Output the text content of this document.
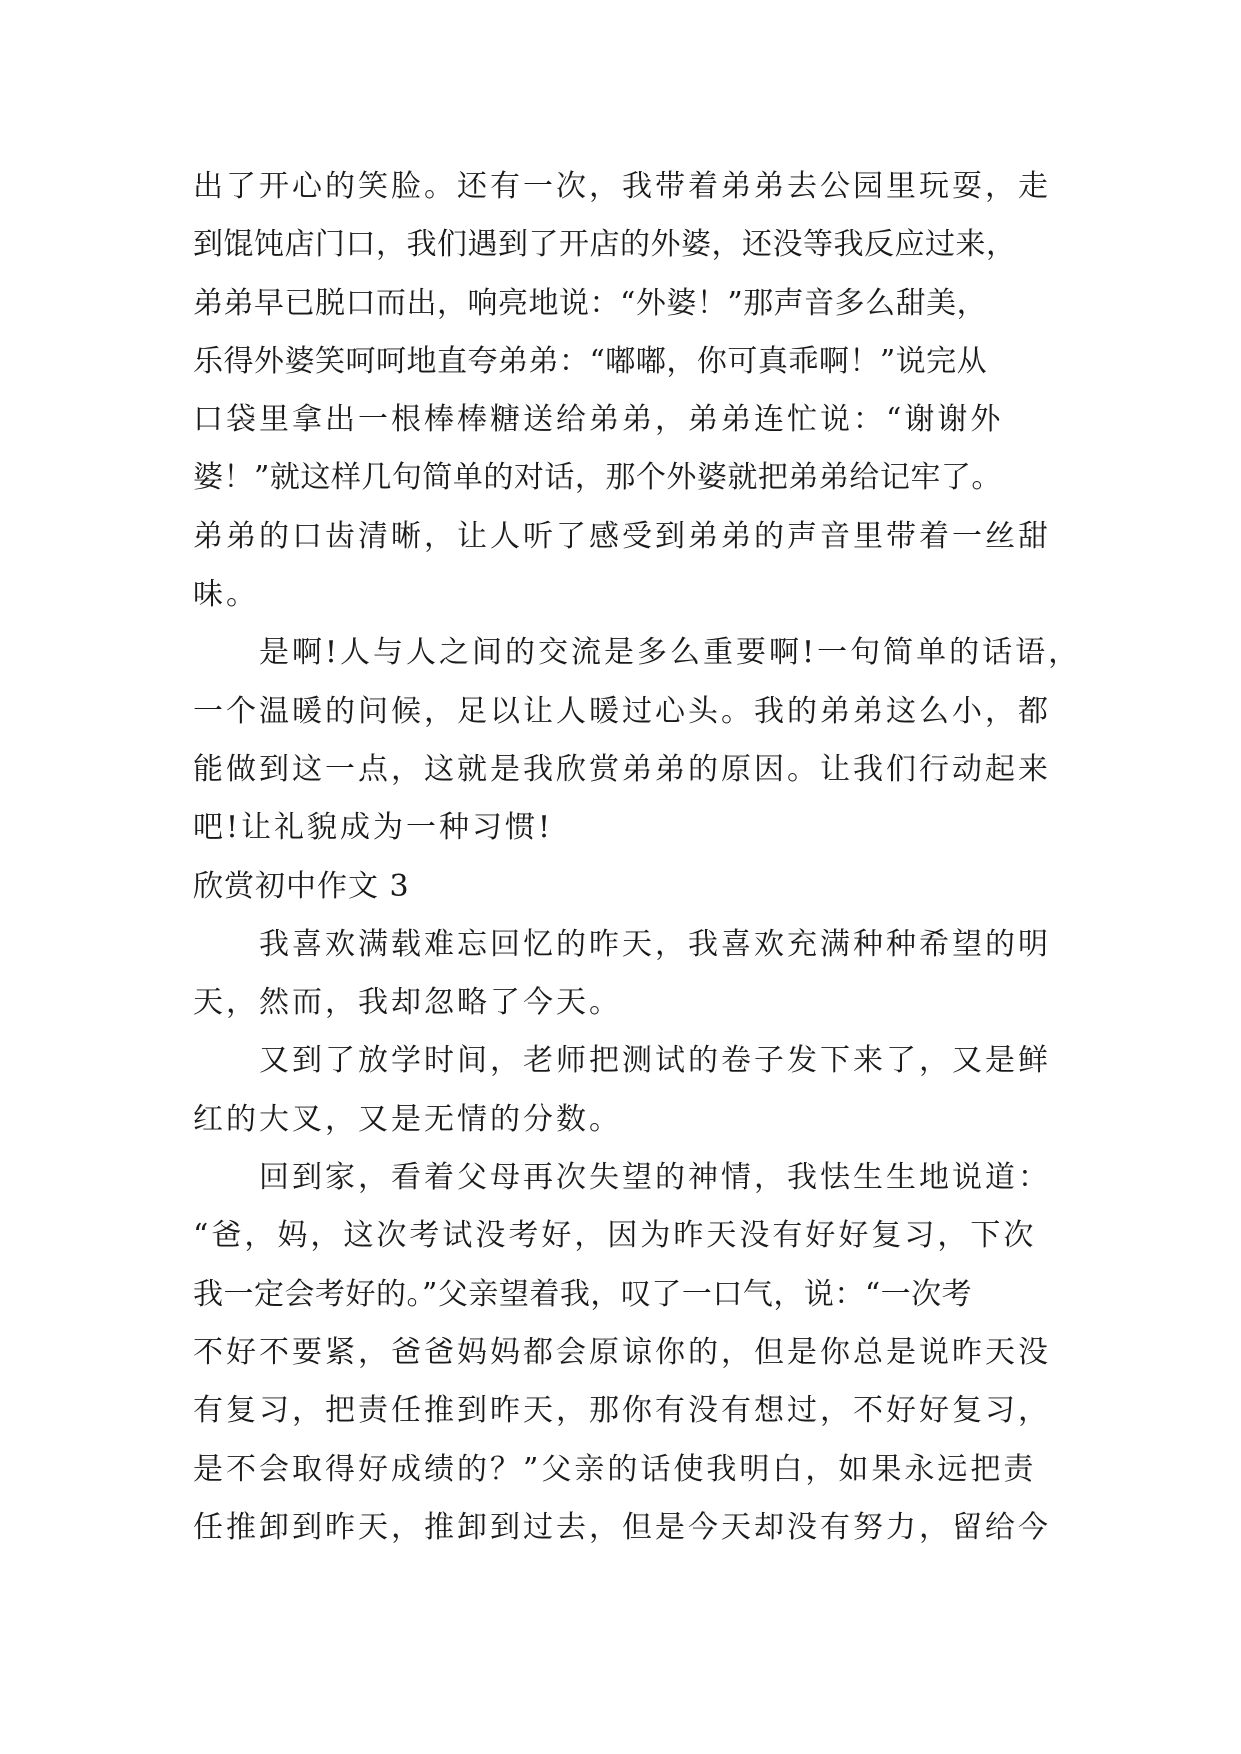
出了开心的笑脸。还有一次，我带着弟弟去公园里玩耍，走
到馄饨店门口，我们遇到了开店的外婆，还没等我反应过来，
弟弟早已脱口而出，响亮地说：“外婆！”那声音多么甜美，
乐得外婆笑呵呵地直夸弟弟：“嘟嘟，你可真乖啊！”说完从
口袋里拿出一根棒棒糖送给弟弟，弟弟连忙说：“谢谢外
婆！”就这样几句简单的对话，那个外婆就把弟弟给记牢了。
弟弟的口齿清晰，让人听了感受到弟弟的声音里带着一丝甜
味。
是啊!人与人之间的交流是多么重要啊!一句简单的话语，
一个温暖的问候，足以让人暖过心头。我的弟弟这么小，都
能做到这一点，这就是我欣赏弟弟的原因。让我们行动起来
吧!让礼貌成为一种习惯!
欣赏初中作文 3
我喜欢满载难忘回忆的昨天，我喜欢充满种种希望的明
天，然而，我却忽略了今天。
又到了放学时间，老师把测试的卷子发下来了，又是鲜
红的大叉，又是无情的分数。
回到家，看着父母再次失望的神情，我怯生生地说道：
“爸，妈，这次考试没考好，因为昨天没有好好复习，下次
我一定会考好的。”父亲望着我，叹了一口气，说：“一次考
不好不要紧，爸爸妈妈都会原谅你的，但是你总是说昨天没
有复习，把责任推到昨天，那你有没有想过，不好好复习，
是不会取得好成绩的？”父亲的话使我明白，如果永远把责
任推卸到昨天，推卸到过去，但是今天却没有努力，留给今
